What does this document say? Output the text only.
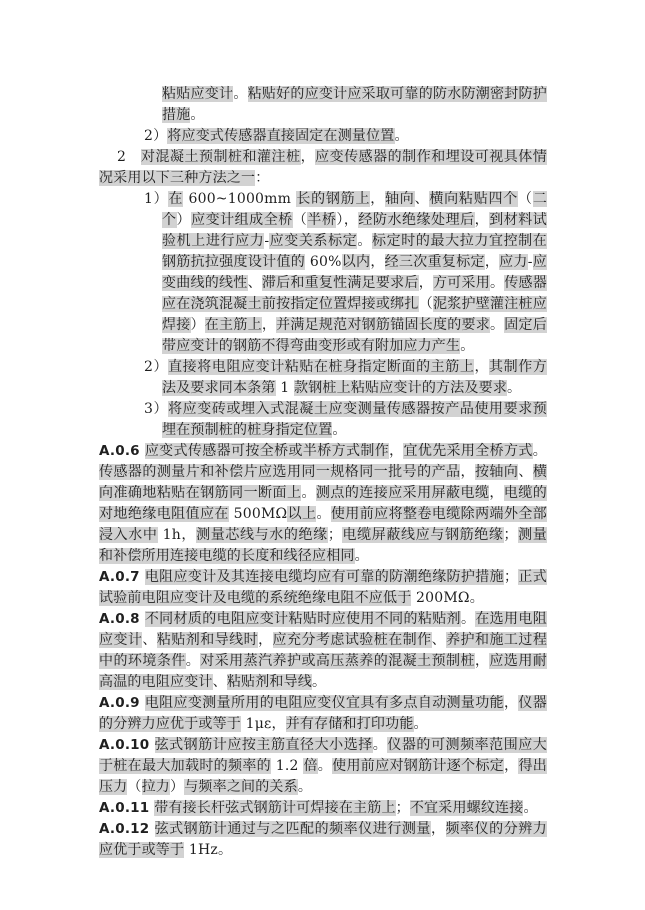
粘贴应变计。粘贴好的应变计应采取可靠的防水防潮密封防护措施。

2）将应变式传感器直接固定在测量位置。

2　对混凝土预制桩和灌注桩，应变传感器的制作和埋设可视具体情况采用以下三种方法之一：

1）在 600~1000mm 长的钢筋上，轴向、横向粘贴四个（二个）应变计组成全桥（半桥），经防水绝缘处理后，到材料试验机上进行应力-应变关系标定。标定时的最大拉力宜控制在钢筋抗拉强度设计值的 60%以内，经三次重复标定，应力-应变曲线的线性、滞后和重复性满足要求后，方可采用。传感器应在浇筑混凝土前按指定位置焊接或绑扎（泥浆护壁灌注桩应焊接）在主筋上，并满足规范对钢筋锚固长度的要求。固定后带应变计的钢筋不得弯曲变形或有附加应力产生。

2）直接将电阻应变计粘贴在桩身指定断面的主筋上，其制作方法及要求同本条第 1 款钢桩上粘贴应变计的方法及要求。

3）将应变砖或埋入式混凝土应变测量传感器按产品使用要求预埋在预制桩的桩身指定位置。

A.0.6 应变式传感器可按全桥或半桥方式制作，宜优先采用全桥方式。传感器的测量片和补偿片应选用同一规格同一批号的产品，按轴向、横向准确地粘贴在钢筋同一断面上。测点的连接应采用屏蔽电缆，电缆的对地绝缘电阻值应在 500MΩ以上。使用前应将整卷电缆除两端外全部浸入水中 1h，测量芯线与水的绝缘；电缆屏蔽线应与钢筋绝缘；测量和补偿所用连接电缆的长度和线径应相同。

A.0.7 电阻应变计及其连接电缆均应有可靠的防潮绝缘防护措施；正式试验前电阻应变计及电缆的系统绝缘电阻不应低于 200MΩ。

A.0.8 不同材质的电阻应变计粘贴时应使用不同的粘贴剂。在选用电阻应变计、粘贴剂和导线时，应充分考虑试验桩在制作、养护和施工过程中的环境条件。对采用蒸汽养护或高压蒸养的混凝土预制桩，应选用耐高温的电阻应变计、粘贴剂和导线。

A.0.9 电阻应变测量所用的电阻应变仪宜具有多点自动测量功能，仪器的分辨力应优于或等于 1με，并有存储和打印功能。

A.0.10 弦式钢筋计应按主筋直径大小选择。仪器的可测频率范围应大于桩在最大加载时的频率的 1.2 倍。使用前应对钢筋计逐个标定，得出压力（拉力）与频率之间的关系。

A.0.11 带有接长杆弦式钢筋计可焊接在主筋上；不宜采用螺纹连接。

A.0.12 弦式钢筋计通过与之匹配的频率仪进行测量，频率仪的分辨力应优于或等于 1Hz。
